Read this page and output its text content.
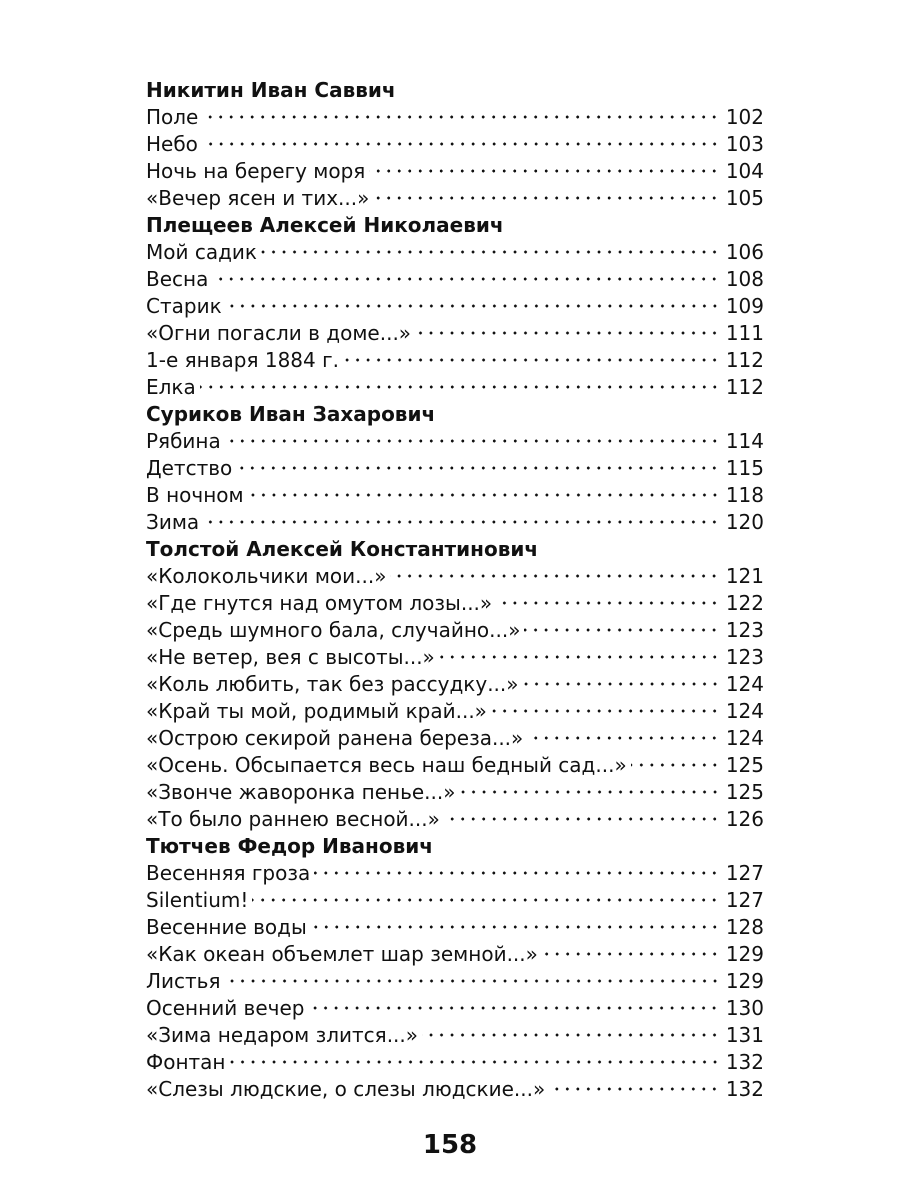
Никитин Иван Саввич
Поле	102
Небо	103
Ночь на берегу моря	104
«Вечер ясен и тих...»	105
Плещеев Алексей Николаевич
Мой садик	106
Весна	108
Старик	109
«Огни погасли в доме...»	111
1-е января 1884 г.	112
Елка	112
Суриков Иван Захарович
Рябина	114
Детство	115
В ночном	118
Зима	120
Толстой Алексей Константинович
«Колокольчики мои...»	121
«Где гнутся над омутом лозы...»	122
«Средь шумного бала, случайно...»	123
«Не ветер, вея с высоты...»	123
«Коль любить, так без рассудку...»	124
«Край ты мой, родимый край...»	124
«Острою секирой ранена береза...»	124
«Осень. Обсыпается весь наш бедный сад...»	125
«Звонче жаворонка пенье...»	125
«То было раннею весной...»	126
Тютчев Федор Иванович
Весенняя гроза	127
Silentium!	127
Весенние воды	128
«Как океан объемлет шар земной...»	129
Листья	129
Осенний вечер	130
«Зима недаром злится...»	131
Фонтан	132
«Слезы людские, о слезы людские...»	132
158
